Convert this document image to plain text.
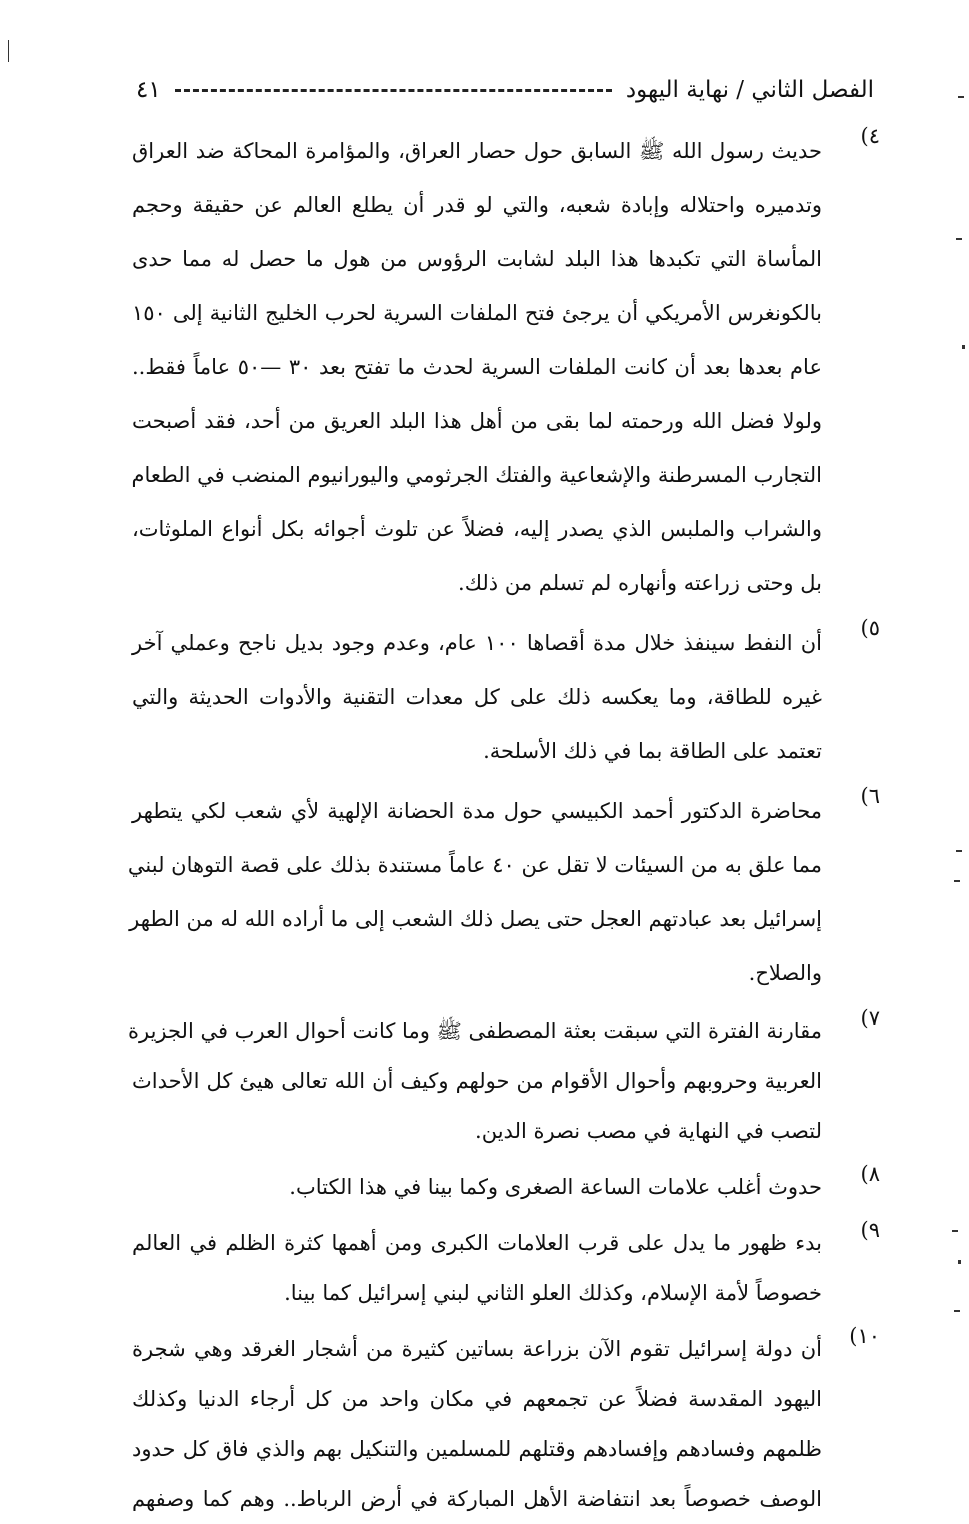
الفصل الثاني / نهاية اليهود
٤١
٤)
حديث رسول الله ﷺ السابق حول حصار العراق، والمؤامرة المحاكة ضد العراق
وتدميره واحتلاله وإبادة شعبه، والتي لو قدر أن يطلع العالم عن حقيقة وحجم
المأساة التي تكبدها هذا البلد لشابت الرؤوس من هول ما حصل له مما حدى
بالكونغرس الأمريكي أن يرجئ فتح الملفات السرية لحرب الخليج الثانية إلى ١٥٠
عام بعدها بعد أن كانت الملفات السرية لحدث ما تفتح بعد ٣٠ —٥٠ عاماً فقط..
ولولا فضل الله ورحمته لما بقى من أهل هذا البلد العريق من أحد، فقد أصبحت
التجارب المسرطنة والإشعاعية والفتك الجرثومي واليورانيوم المنضب في الطعام
والشراب والملبس الذي يصدر إليه، فضلاً عن تلوث أجوائه بكل أنواع الملوثات،
بل وحتى زراعته وأنهاره لم تسلم من ذلك.
٥)
أن النفط سينفذ خلال مدة أقصاها ١٠٠ عام، وعدم وجود بديل ناجح وعملي آخر
غيره للطاقة، وما يعكسه ذلك على كل معدات التقنية والأدوات الحديثة والتي
تعتمد على الطاقة بما في ذلك الأسلحة.
٦)
محاضرة الدكتور أحمد الكبيسي حول مدة الحضانة الإلهية لأي شعب لكي يتطهر
مما علق به من السيئات لا تقل عن ٤٠ عاماً مستندة بذلك على قصة التوهان لبني
إسرائيل بعد عبادتهم العجل حتى يصل ذلك الشعب إلى ما أراده الله له من الطهر
والصلاح.
٧)
مقارنة الفترة التي سبقت بعثة المصطفى ﷺ وما كانت أحوال العرب في الجزيرة
العربية وحروبهم وأحوال الأقوام من حولهم وكيف أن الله تعالى هيئ كل الأحداث
لتصب في النهاية في مصب نصرة الدين.
٨)
حدوث أغلب علامات الساعة الصغرى وكما بينا في هذا الكتاب.
٩)
بدء ظهور ما يدل على قرب العلامات الكبرى ومن أهمها كثرة الظلم في العالم
خصوصاً لأمة الإسلام، وكذلك العلو الثاني لبني إسرائيل كما بينا.
١٠)
أن دولة إسرائيل تقوم الآن بزراعة بساتين كثيرة من أشجار الغرقد وهي شجرة
اليهود المقدسة فضلاً عن تجمعهم في مكان واحد من كل أرجاء الدنيا وكذلك
ظلمهم وفسادهم وإفسادهم وقتلهم للمسلمين والتنكيل بهم والذي فاق كل حدود
الوصف خصوصاً بعد انتفاضة الأهل المباركة في أرض الرباط.. وهم كما وصفهم
